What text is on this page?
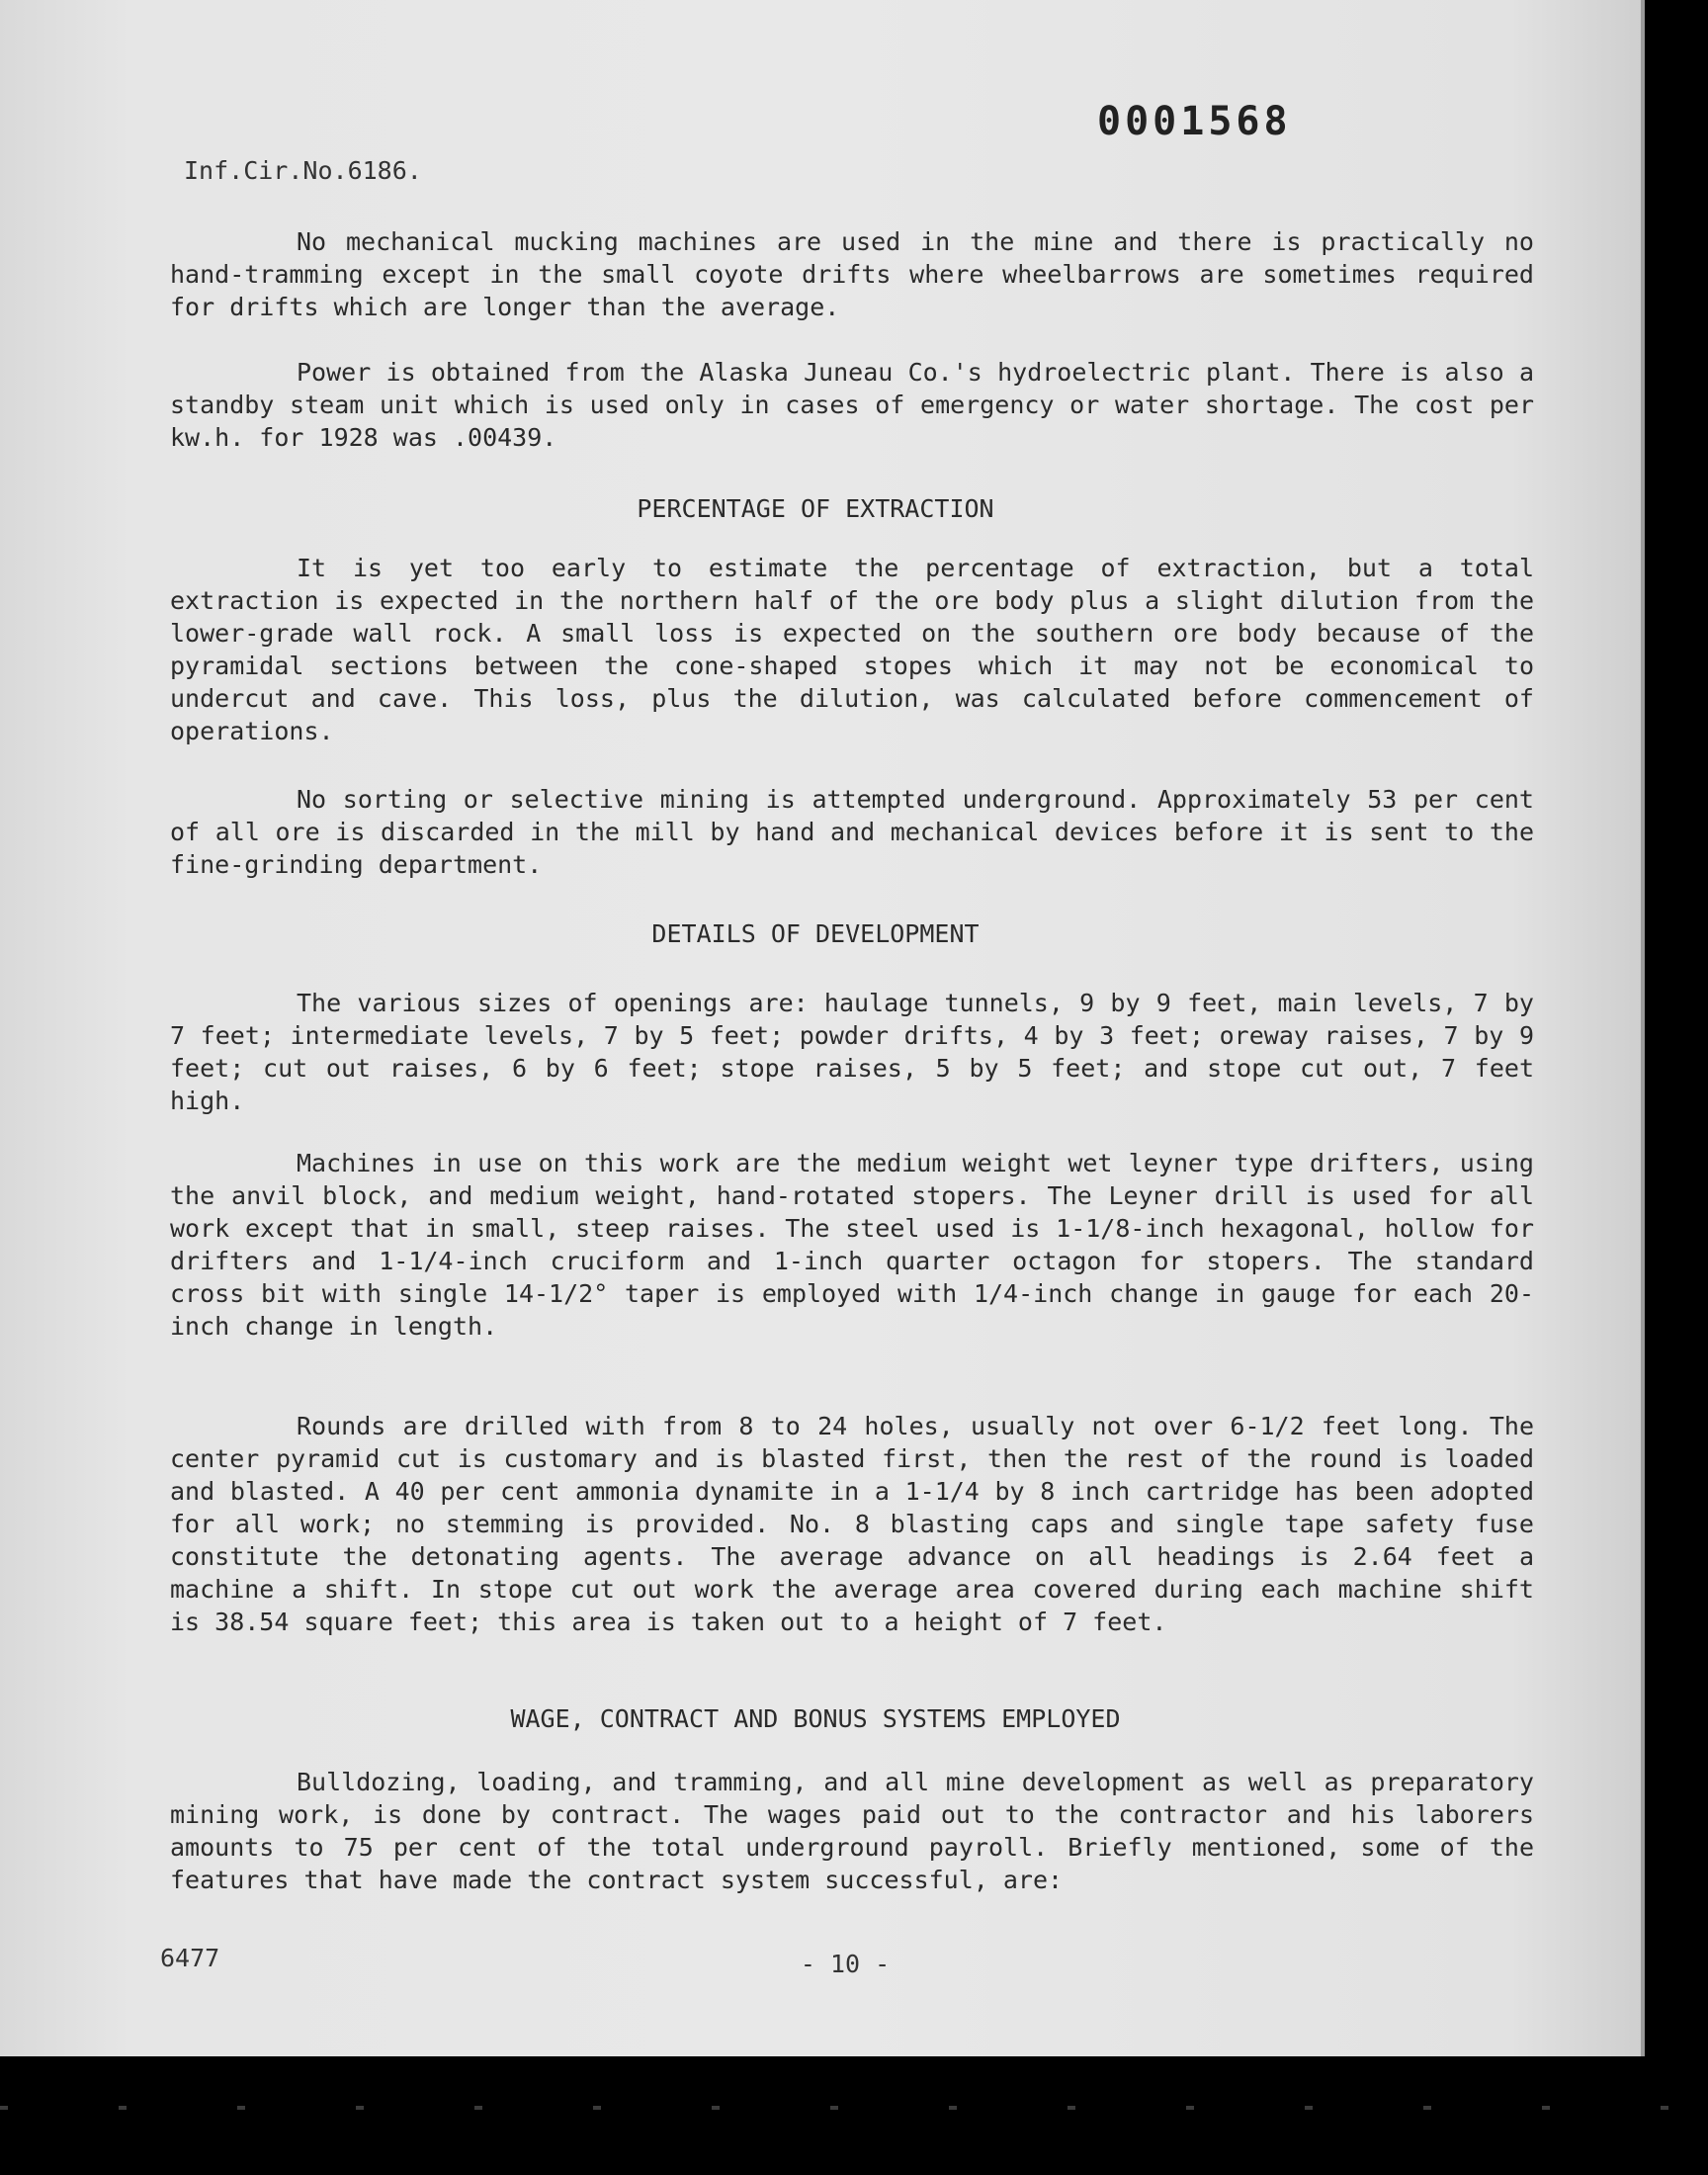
0001568
Inf.Cir.No.6186.

No mechanical mucking machines are used in the mine and there is practically no hand-tramming except in the small coyote drifts where wheelbarrows are sometimes required for drifts which are longer than the average.

Power is obtained from the Alaska Juneau Co.'s hydroelectric plant. There is also a standby steam unit which is used only in cases of emergency or water shortage. The cost per kw.h. for 1928 was .00439.

PERCENTAGE OF EXTRACTION

It is yet too early to estimate the percentage of extraction, but a total extraction is expected in the northern half of the ore body plus a slight dilution from the lower-grade wall rock. A small loss is expected on the southern ore body because of the pyramidal sections between the cone-shaped stopes which it may not be economical to undercut and cave. This loss, plus the dilution, was calculated before commencement of operations.

No sorting or selective mining is attempted underground. Approximately 53 per cent of all ore is discarded in the mill by hand and mechanical devices before it is sent to the fine-grinding department.

DETAILS OF DEVELOPMENT

The various sizes of openings are: haulage tunnels, 9 by 9 feet, main levels, 7 by 7 feet; intermediate levels, 7 by 5 feet; powder drifts, 4 by 3 feet; oreway raises, 7 by 9 feet; cut out raises, 6 by 6 feet; stope raises, 5 by 5 feet; and stope cut out, 7 feet high.

Machines in use on this work are the medium weight wet leyner type drifters, using the anvil block, and medium weight, hand-rotated stopers. The Leyner drill is used for all work except that in small, steep raises. The steel used is 1-1/8-inch hexagonal, hollow for drifters and 1-1/4-inch cruciform and 1-inch quarter octagon for stopers. The standard cross bit with single 14-1/2° taper is employed with 1/4-inch change in gauge for each 20-inch change in length.

Rounds are drilled with from 8 to 24 holes, usually not over 6-1/2 feet long. The center pyramid cut is customary and is blasted first, then the rest of the round is loaded and blasted. A 40 per cent ammonia dynamite in a 1-1/4 by 8 inch cartridge has been adopted for all work; no stemming is provided. No. 8 blasting caps and single tape safety fuse constitute the detonating agents. The average advance on all headings is 2.64 feet a machine a shift. In stope cut out work the average area covered during each machine shift is 38.54 square feet; this area is taken out to a height of 7 feet.

WAGE, CONTRACT AND BONUS SYSTEMS EMPLOYED

Bulldozing, loading, and tramming, and all mine development as well as preparatory mining work, is done by contract. The wages paid out to the contractor and his laborers amounts to 75 per cent of the total underground payroll. Briefly mentioned, some of the features that have made the contract system successful, are:

6477	- 10 -
